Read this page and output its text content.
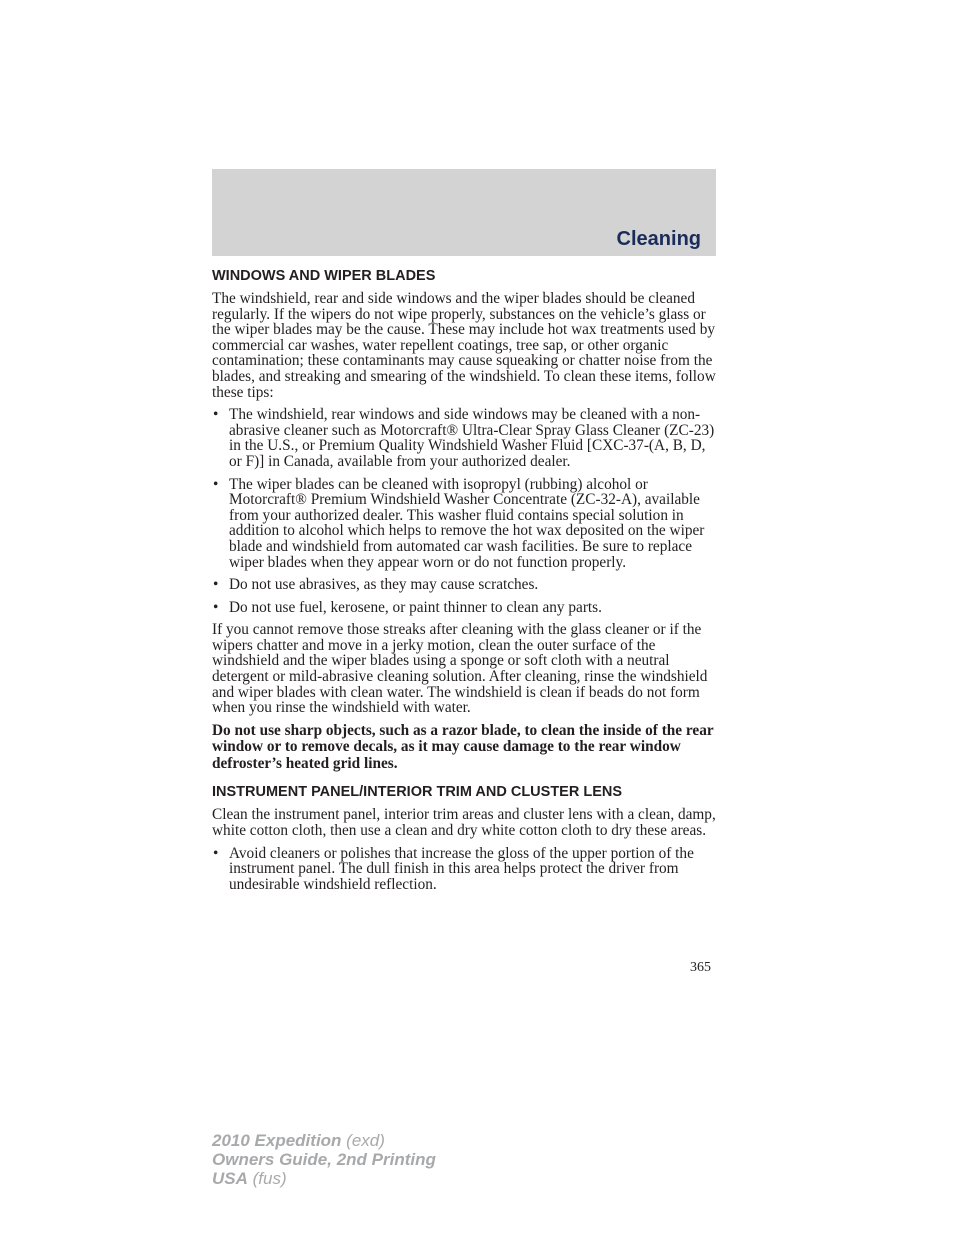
Cleaning
WINDOWS AND WIPER BLADES

The windshield, rear and side windows and the wiper blades should be cleaned regularly. If the wipers do not wipe properly, substances on the vehicle’s glass or the wiper blades may be the cause. These may include hot wax treatments used by commercial car washes, water repellent coatings, tree sap, or other organic contamination; these contaminants may cause squeaking or chatter noise from the blades, and streaking and smearing of the windshield. To clean these items, follow these tips:

• The windshield, rear windows and side windows may be cleaned with a non-abrasive cleaner such as Motorcraft® Ultra-Clear Spray Glass Cleaner (ZC-23) in the U.S., or Premium Quality Windshield Washer Fluid [CXC-37-(A, B, D, or F)] in Canada, available from your authorized dealer.
• The wiper blades can be cleaned with isopropyl (rubbing) alcohol or Motorcraft® Premium Windshield Washer Concentrate (ZC-32-A), available from your authorized dealer. This washer fluid contains special solution in addition to alcohol which helps to remove the hot wax deposited on the wiper blade and windshield from automated car wash facilities. Be sure to replace wiper blades when they appear worn or do not function properly.
• Do not use abrasives, as they may cause scratches.
• Do not use fuel, kerosene, or paint thinner to clean any parts.

If you cannot remove those streaks after cleaning with the glass cleaner or if the wipers chatter and move in a jerky motion, clean the outer surface of the windshield and the wiper blades using a sponge or soft cloth with a neutral detergent or mild-abrasive cleaning solution. After cleaning, rinse the windshield and wiper blades with clean water. The windshield is clean if beads do not form when you rinse the windshield with water.

Do not use sharp objects, such as a razor blade, to clean the inside of the rear window or to remove decals, as it may cause damage to the rear window defroster’s heated grid lines.

INSTRUMENT PANEL/INTERIOR TRIM AND CLUSTER LENS

Clean the instrument panel, interior trim areas and cluster lens with a clean, damp, white cotton cloth, then use a clean and dry white cotton cloth to dry these areas.

• Avoid cleaners or polishes that increase the gloss of the upper portion of the instrument panel. The dull finish in this area helps protect the driver from undesirable windshield reflection.
365
2010 Expedition (exd)
Owners Guide, 2nd Printing
USA (fus)
